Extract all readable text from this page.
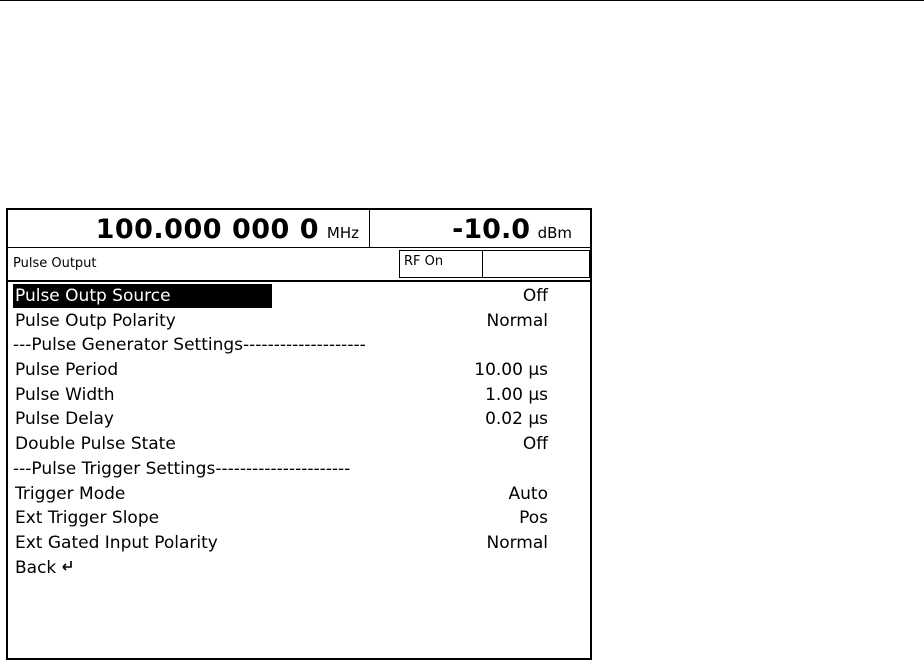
100.000 000 0 MHz	-10.0 dBm
Pulse Output	RF On
Pulse Outp Source	Off
Pulse Outp Polarity	Normal
---Pulse Generator Settings--------------------
Pulse Period	10.00 µs
Pulse Width	1.00 µs
Pulse Delay	0.02 µs
Double Pulse State	Off
---Pulse Trigger Settings----------------------
Trigger Mode	Auto
Ext Trigger Slope	Pos
Ext Gated Input Polarity	Normal
Back
